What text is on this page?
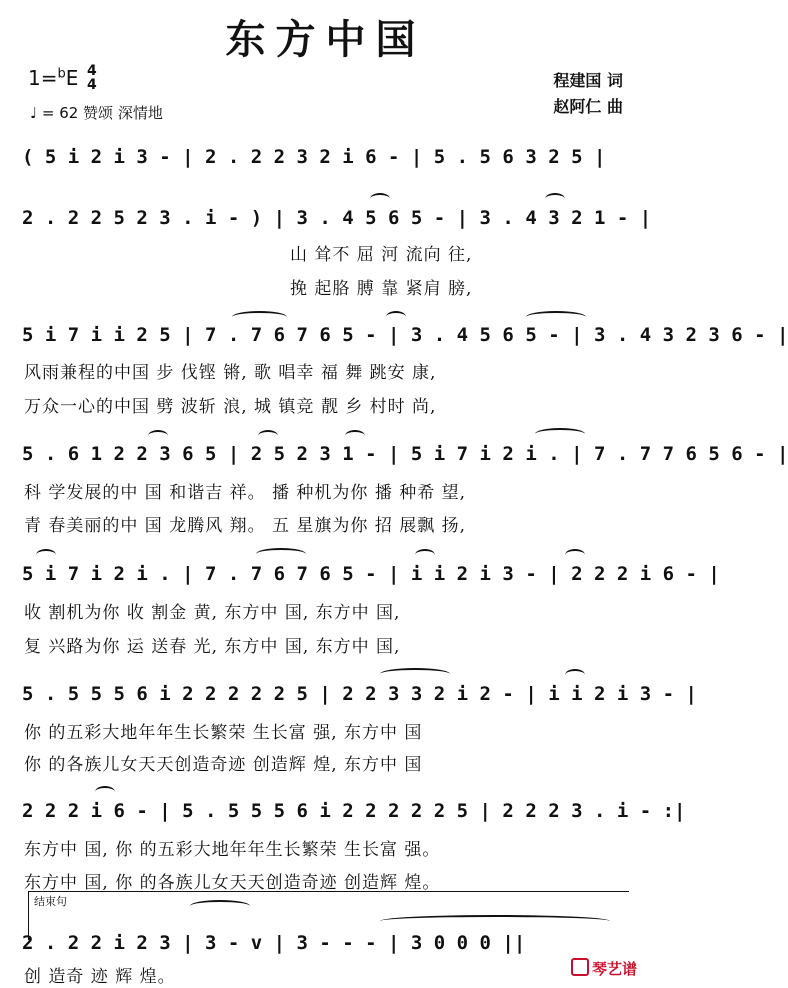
东方中国
1=$^b$E 4
4
♩ = 62 赞颂 深情地
程建国 词
赵阿仁 曲
( 5 i 2 i 3 - | 2 . 2 2 3 2 i 6 - | 5 . 5 6 3 2 5 |
2 . 2 2 5 2 3 . i - ) | 3 . 4 5 6 5 - | 3 . 4 3 2 1 - |
山 耸不 屈 河 流向 往,
挽 起胳 膊 靠 紧肩 膀,
5 i 7 i i 2 5 | 7 . 7 6 7 6 5 - | 3 . 4 5 6 5 - | 3 . 4 3 2 3 6 - |
风雨兼程的中国 步 伐铿 锵, 歌 唱幸 福 舞 跳安 康,
万众一心的中国 劈 波斩 浪, 城 镇竞 靓 乡 村时 尚,
5 . 6 1 2 2 3 6 5 | 2 5 2 3 1 - | 5 i 7 i 2 i . | 7 . 7 7 6 5 6 - |
科 学发展的中 国 和谐吉 祥。 播 种机为你 播 种希 望,
青 春美丽的中 国 龙腾风 翔。 五 星旗为你 招 展飘 扬,
5 i 7 i 2 i . | 7 . 7 6 7 6 5 - | i i 2 i 3 - | 2 2 2 i 6 - |
收 割机为你 收 割金 黄, 东方中 国, 东方中 国,
复 兴路为你 运 送春 光, 东方中 国, 东方中 国,
5 . 5 5 5 6 i 2 2 2 2 2 5 | 2 2 3 3 2 i 2 - | i i 2 i 3 - |
你 的五彩大地年年生长繁荣 生长富 强, 东方中 国
你 的各族儿女天天创造奇迹 创造辉 煌, 东方中 国
2 2 2 i 6 - | 5 . 5 5 5 6 i 2 2 2 2 2 5 | 2 2 2 3 . i - :|
东方中 国, 你 的五彩大地年年生长繁荣 生长富 强。
东方中 国, 你 的各族儿女天天创造奇迹 创造辉 煌。
结束句
2 . 2 2 i 2 3 | 3 - v | 3 - - - | 3 0 0 0 ||
创 造奇 迹 辉 煌。	琴艺谱
